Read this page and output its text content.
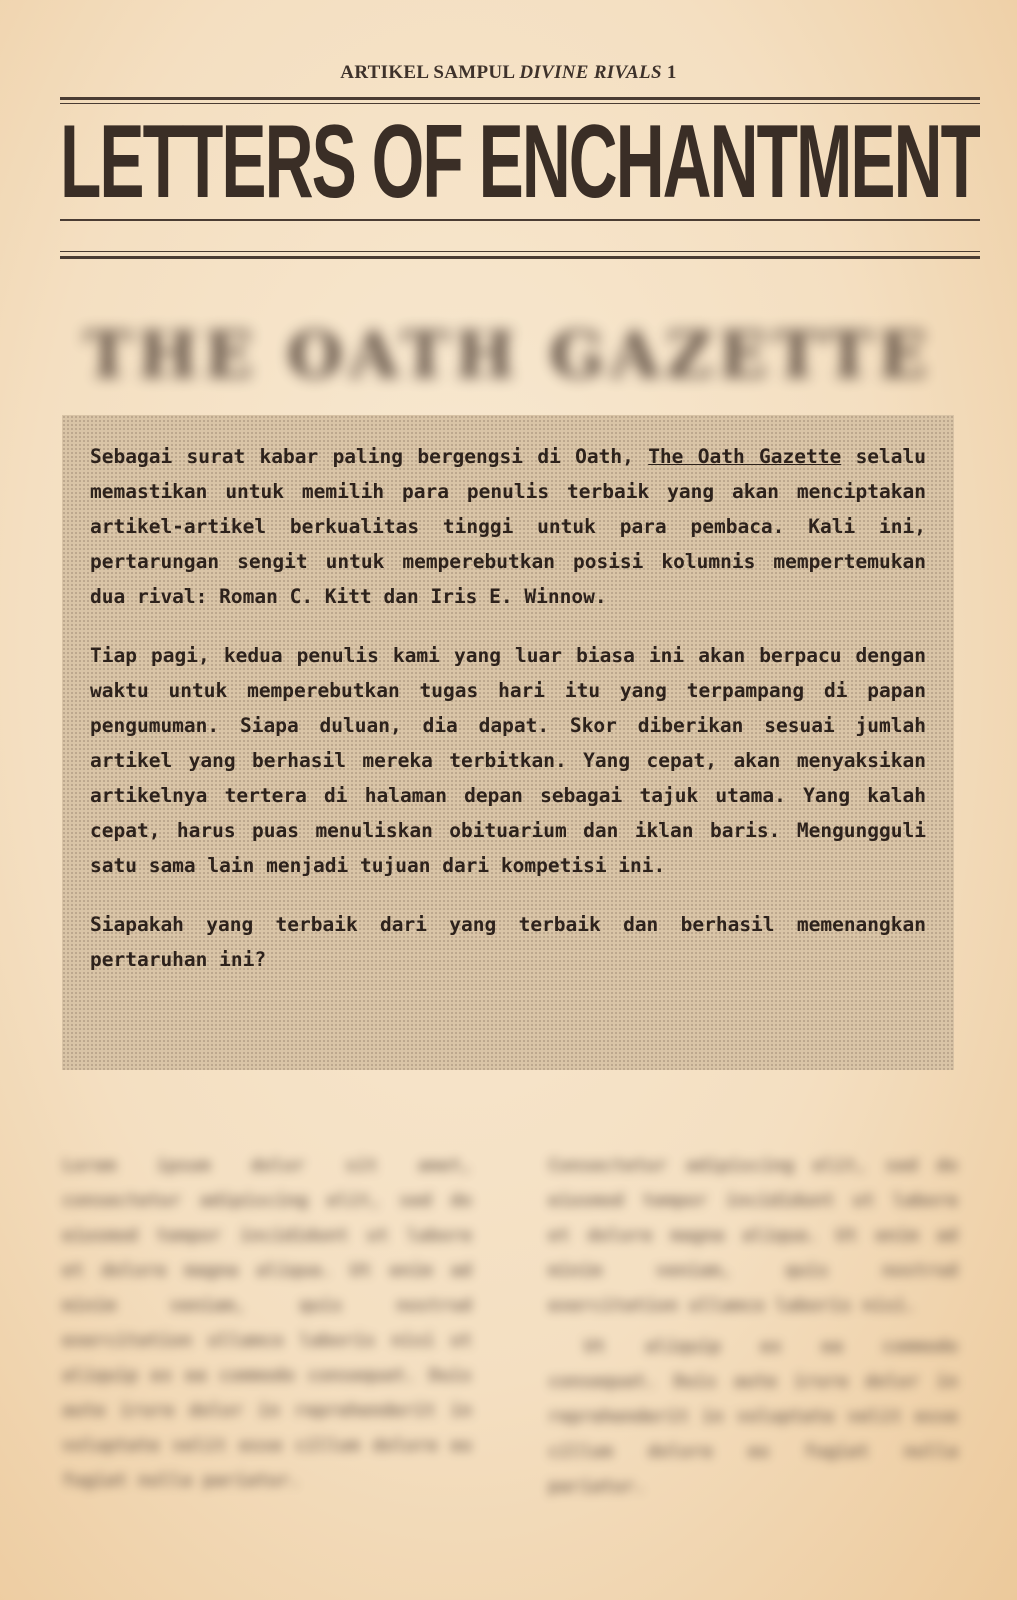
ARTIKEL SAMPUL DIVINE RIVALS 1
LETTERS OF ENCHANTMENT
THE OATH GAZETTE

Sebagai surat kabar paling bergengsi di Oath, The Oath Gazette selalu memastikan untuk memilih para penulis terbaik yang akan menciptakan artikel-artikel berkualitas tinggi untuk para pembaca. Kali ini, pertarungan sengit untuk memperebutkan posisi kolumnis mempertemukan dua rival: Roman C. Kitt dan Iris E. Winnow.

Tiap pagi, kedua penulis kami yang luar biasa ini akan berpacu dengan waktu untuk memperebutkan tugas hari itu yang terpampang di papan pengumuman. Siapa duluan, dia dapat. Skor diberikan sesuai jumlah artikel yang berhasil mereka terbitkan. Yang cepat, akan menyaksikan artikelnya tertera di halaman depan sebagai tajuk utama. Yang kalah cepat, harus puas menuliskan obituarium dan iklan baris. Mengungguli satu sama lain menjadi tujuan dari kompetisi ini.

Siapakah yang terbaik dari yang terbaik dan berhasil memenangkan pertaruhan ini?

Lorem ipsum dolor sit amet, consectetur adipiscing elit, sed do eiusmod tempor incididunt ut labore et dolore magna aliqua. Ut enim ad minim veniam, quis nostrud exercitation ullamco laboris nisi ut aliquip ex ea commodo consequat. Duis aute irure dolor in reprehenderit in voluptate velit esse cillum dolore eu fugiat nulla pariatur.

Consectetur adipiscing elit, sed do eiusmod tempor incididunt ut labore et dolore magna aliqua. Ut enim ad minim veniam, quis nostrud exercitation ullamco laboris nisi.

Ut aliquip ex ea commodo consequat. Duis aute irure dolor in reprehenderit in voluptate velit esse cillum dolore eu fugiat nulla pariatur.
